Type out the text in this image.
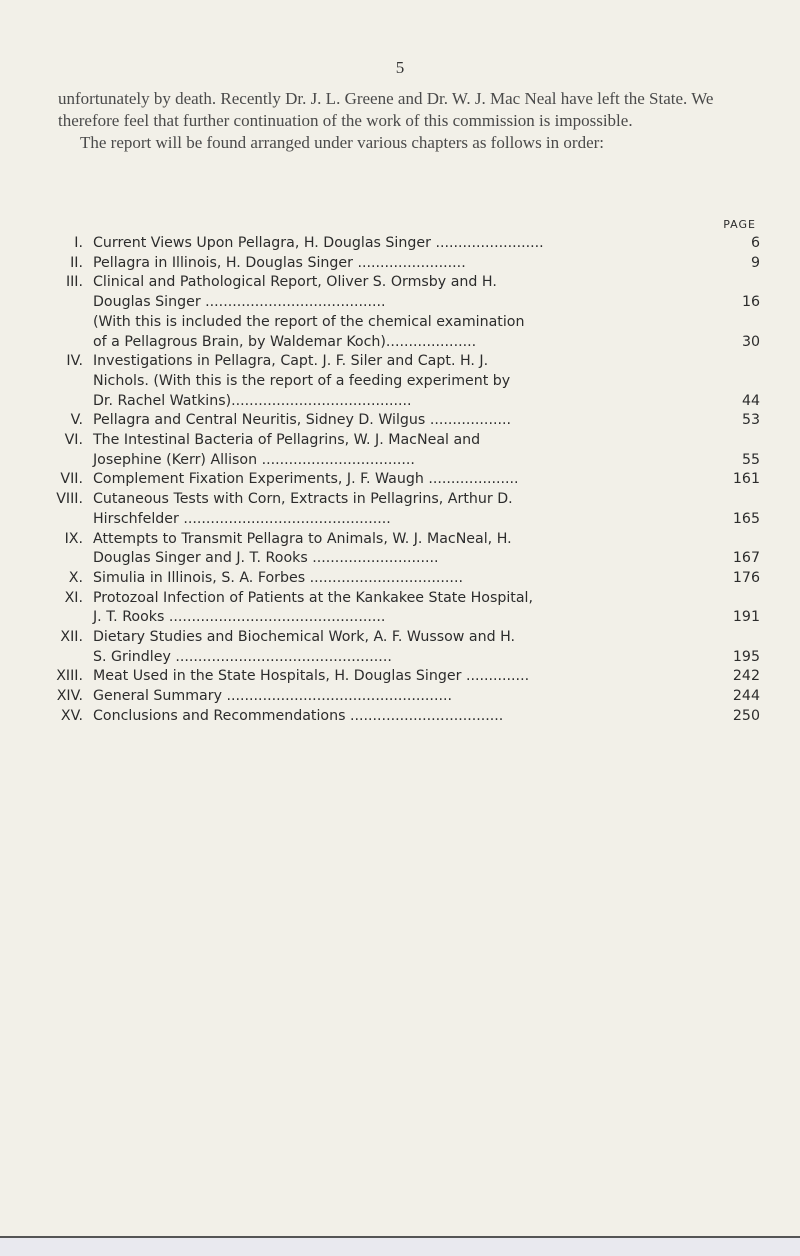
5

unfortunately by death. Recently Dr. J. L. Greene and Dr. W. J. Mac Neal have left the State. We therefore feel that further continuation of the work of this commission is impossible.

The report will be found arranged under various chapters as follows in order:

PAGE
I. Current Views Upon Pellagra, H. Douglas Singer ........................	6
II. Pellagra in Illinois, H. Douglas Singer ........................	9
III. Clinical and Pathological Report, Oliver S. Ormsby and H.
Douglas Singer ........................................	16
(With this is included the report of the chemical examination
of a Pellagrous Brain, by Waldemar Koch)....................	30
IV. Investigations in Pellagra, Capt. J. F. Siler and Capt. H. J.
Nichols. (With this is the report of a feeding experiment by
Dr. Rachel Watkins)........................................	44
V. Pellagra and Central Neuritis, Sidney D. Wilgus ..................	53
VI. The Intestinal Bacteria of Pellagrins, W. J. MacNeal and
Josephine (Kerr) Allison ..................................	55
VII. Complement Fixation Experiments, J. F. Waugh ....................	161
VIII. Cutaneous Tests with Corn, Extracts in Pellagrins, Arthur D.
Hirschfelder ..............................................	165
IX. Attempts to Transmit Pellagra to Animals, W. J. MacNeal, H.
Douglas Singer and J. T. Rooks ............................	167
X. Simulia in Illinois, S. A. Forbes ..................................	176
XI. Protozoal Infection of Patients at the Kankakee State Hospital,
J. T. Rooks ................................................	191
XII. Dietary Studies and Biochemical Work, A. F. Wussow and H.
S. Grindley ................................................	195
XIII. Meat Used in the State Hospitals, H. Douglas Singer ..............	242
XIV. General Summary ..................................................	244
XV. Conclusions and Recommendations ..................................	250
